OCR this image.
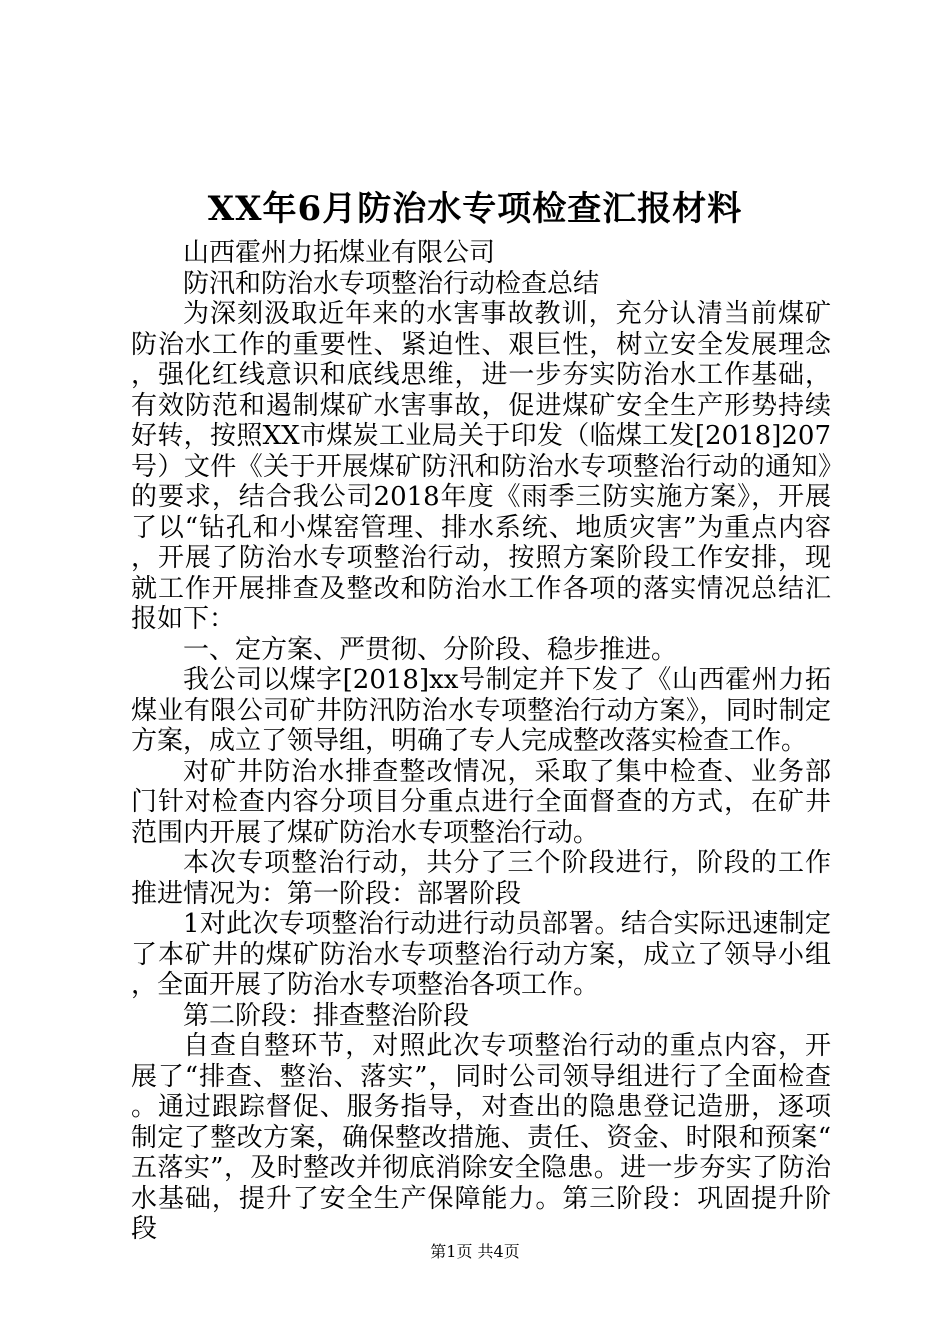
XX年6月防治水专项检查汇报材料

山西霍州力拓煤业有限公司

防汛和防治水专项整治行动检查总结

为深刻汲取近年来的水害事故教训，充分认清当前煤矿防治水工作的重要性、紧迫性、艰巨性，树立安全发展理念，强化红线意识和底线思维，进一步夯实防治水工作基础，有效防范和遏制煤矿水害事故，促进煤矿安全生产形势持续好转，按照XX市煤炭工业局关于印发（临煤工发[2018]207号）文件《关于开展煤矿防汛和防治水专项整治行动的通知》的要求，结合我公司2018年度《雨季三防实施方案》，开展了以“钻孔和小煤窑管理、排水系统、地质灾害”为重点内容，开展了防治水专项整治行动，按照方案阶段工作安排，现就工作开展排查及整改和防治水工作各项的落实情况总结汇报如下：

一、定方案、严贯彻、分阶段、稳步推进。

我公司以煤字[2018]xx号制定并下发了《山西霍州力拓煤业有限公司矿井防汛防治水专项整治行动方案》，同时制定方案，成立了领导组，明确了专人完成整改落实检查工作。

对矿井防治水排查整改情况，采取了集中检查、业务部门针对检查内容分项目分重点进行全面督查的方式，在矿井范围内开展了煤矿防治水专项整治行动。

本次专项整治行动，共分了三个阶段进行，阶段的工作推进情况为：第一阶段：部署阶段

1对此次专项整治行动进行动员部署。结合实际迅速制定了本矿井的煤矿防治水专项整治行动方案，成立了领导小组，全面开展了防治水专项整治各项工作。

第二阶段：排查整治阶段

自查自整环节，对照此次专项整治行动的重点内容，开展了“排查、整治、落实”，同时公司领导组进行了全面检查。通过跟踪督促、服务指导，对查出的隐患登记造册，逐项制定了整改方案，确保整改措施、责任、资金、时限和预案“五落实”，及时整改并彻底消除安全隐患。进一步夯实了防治水基础，提升了安全生产保障能力。第三阶段：巩固提升阶段

第1页 共4页
